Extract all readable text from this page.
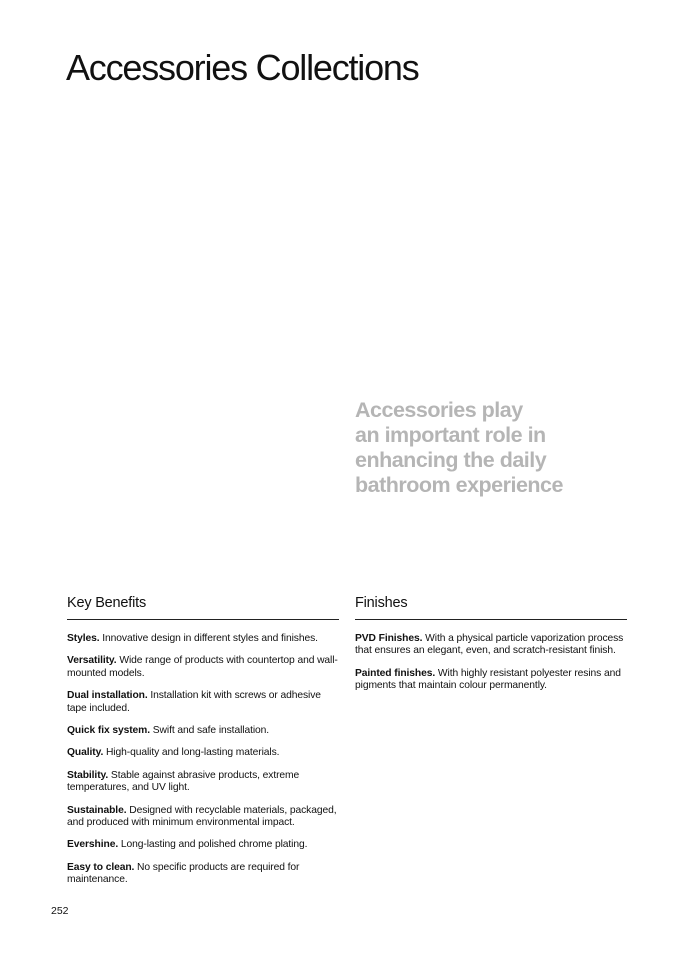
Accessories Collections
Accessories play
an important role in
enhancing the daily
bathroom experience
Key Benefits

Styles. Innovative design in different styles and finishes.

Versatility. Wide range of products with countertop and wall-mounted models.

Dual installation. Installation kit with screws or adhesive tape included.

Quick fix system. Swift and safe installation.

Quality. High-quality and long-lasting materials.

Stability. Stable against abrasive products, extreme temperatures, and UV light.

Sustainable. Designed with recyclable materials, packaged, and produced with minimum environmental impact.

Evershine. Long-lasting and polished chrome plating.

Easy to clean. No specific products are required for maintenance.

Finishes

PVD Finishes. With a physical particle vaporization process that ensures an elegant, even, and scratch-resistant finish.

Painted finishes. With highly resistant polyester resins and pigments that maintain colour permanently.

252
